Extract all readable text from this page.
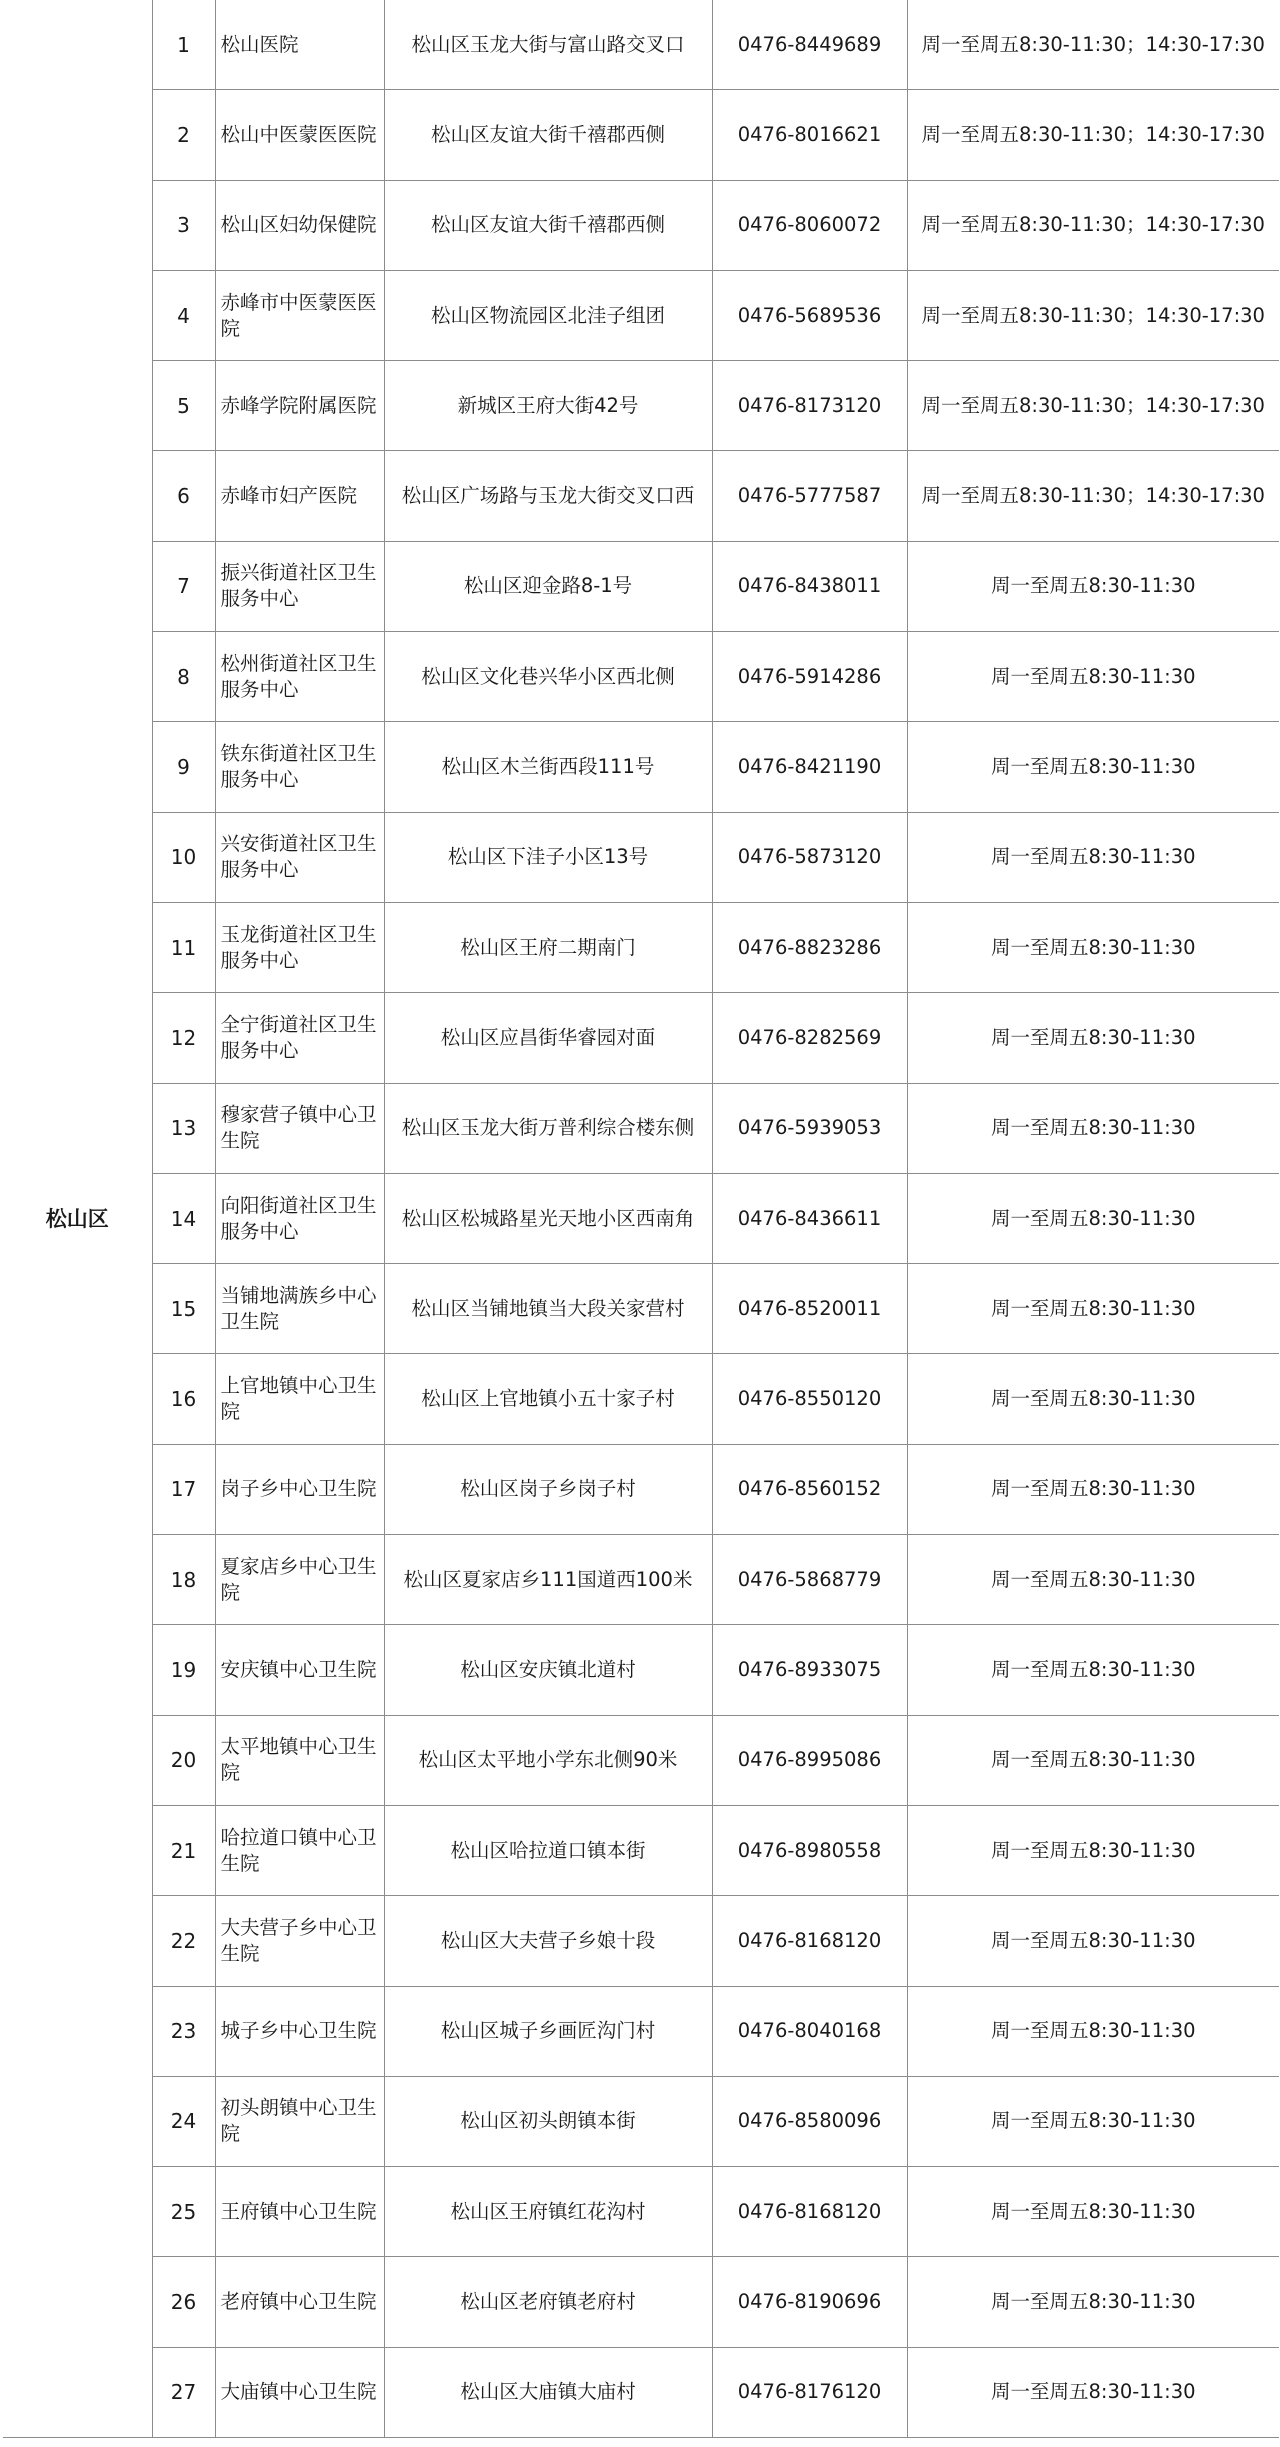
松山区	1	松山医院	松山区玉龙大街与富山路交叉口	0476-8449689	周一至周五8:30-11:30；14:30-17:30
	2	松山中医蒙医医院	松山区友谊大街千禧郡西侧	0476-8016621	周一至周五8:30-11:30；14:30-17:30
	3	松山区妇幼保健院	松山区友谊大街千禧郡西侧	0476-8060072	周一至周五8:30-11:30；14:30-17:30
	4	赤峰市中医蒙医医院	松山区物流园区北洼子组团	0476-5689536	周一至周五8:30-11:30；14:30-17:30
	5	赤峰学院附属医院	新城区王府大街42号	0476-8173120	周一至周五8:30-11:30；14:30-17:30
	6	赤峰市妇产医院	松山区广场路与玉龙大街交叉口西	0476-5777587	周一至周五8:30-11:30；14:30-17:30
	7	振兴街道社区卫生服务中心	松山区迎金路8-1号	0476-8438011	周一至周五8:30-11:30
	8	松州街道社区卫生服务中心	松山区文化巷兴华小区西北侧	0476-5914286	周一至周五8:30-11:30
	9	铁东街道社区卫生服务中心	松山区木兰街西段111号	0476-8421190	周一至周五8:30-11:30
	10	兴安街道社区卫生服务中心	松山区下洼子小区13号	0476-5873120	周一至周五8:30-11:30
	11	玉龙街道社区卫生服务中心	松山区王府二期南门	0476-8823286	周一至周五8:30-11:30
	12	全宁街道社区卫生服务中心	松山区应昌街华睿园对面	0476-8282569	周一至周五8:30-11:30
	13	穆家营子镇中心卫生院	松山区玉龙大街万普利综合楼东侧	0476-5939053	周一至周五8:30-11:30
	14	向阳街道社区卫生服务中心	松山区松城路星光天地小区西南角	0476-8436611	周一至周五8:30-11:30
	15	当铺地满族乡中心卫生院	松山区当铺地镇当大段关家营村	0476-8520011	周一至周五8:30-11:30
	16	上官地镇中心卫生院	松山区上官地镇小五十家子村	0476-8550120	周一至周五8:30-11:30
	17	岗子乡中心卫生院	松山区岗子乡岗子村	0476-8560152	周一至周五8:30-11:30
	18	夏家店乡中心卫生院	松山区夏家店乡111国道西100米	0476-5868779	周一至周五8:30-11:30
	19	安庆镇中心卫生院	松山区安庆镇北道村	0476-8933075	周一至周五8:30-11:30
	20	太平地镇中心卫生院	松山区太平地小学东北侧90米	0476-8995086	周一至周五8:30-11:30
	21	哈拉道口镇中心卫生院	松山区哈拉道口镇本街	0476-8980558	周一至周五8:30-11:30
	22	大夫营子乡中心卫生院	松山区大夫营子乡娘十段	0476-8168120	周一至周五8:30-11:30
	23	城子乡中心卫生院	松山区城子乡画匠沟门村	0476-8040168	周一至周五8:30-11:30
	24	初头朗镇中心卫生院	松山区初头朗镇本街	0476-8580096	周一至周五8:30-11:30
	25	王府镇中心卫生院	松山区王府镇红花沟村	0476-8168120	周一至周五8:30-11:30
	26	老府镇中心卫生院	松山区老府镇老府村	0476-8190696	周一至周五8:30-11:30
	27	大庙镇中心卫生院	松山区大庙镇大庙村	0476-8176120	周一至周五8:30-11:30
